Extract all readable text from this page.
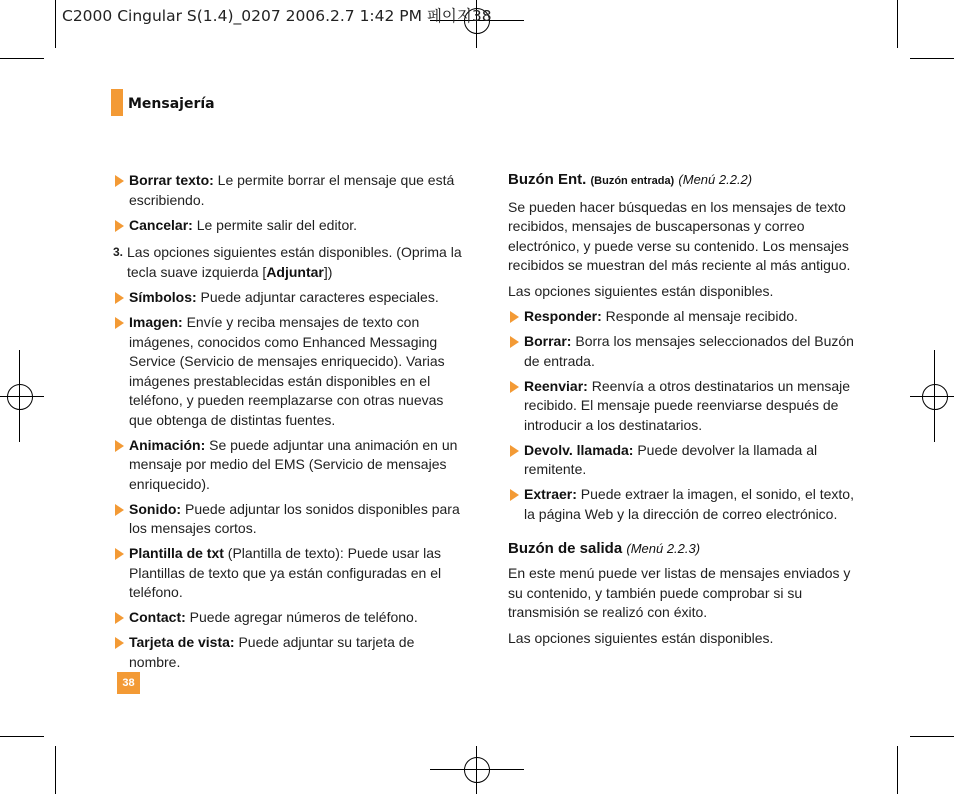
C2000 Cingular S(1.4)_0207 2006.2.7 1:42 PM 페이지38
Mensajería
Borrar texto: Le permite borrar el mensaje que está escribiendo.
Cancelar: Le permite salir del editor.
3. Las opciones siguientes están disponibles. (Oprima la tecla suave izquierda [Adjuntar])
Símbolos: Puede adjuntar caracteres especiales.
Imagen: Envíe y reciba mensajes de texto con imágenes, conocidos como Enhanced Messaging Service (Servicio de mensajes enriquecido). Varias imágenes prestablecidas están disponibles en el teléfono, y pueden reemplazarse con otras nuevas que obtenga de distintas fuentes.
Animación: Se puede adjuntar una animación en un mensaje por medio del EMS (Servicio de mensajes enriquecido).
Sonido: Puede adjuntar los sonidos disponibles para los mensajes cortos.
Plantilla de txt (Plantilla de texto): Puede usar las Plantillas de texto que ya están configuradas en el teléfono.
Contact: Puede agregar números de teléfono.
Tarjeta de vista: Puede adjuntar su tarjeta de nombre.
Buzón Ent. (Buzón entrada) (Menú 2.2.2)
Se pueden hacer búsquedas en los mensajes de texto recibidos, mensajes de buscapersonas y correo electrónico, y puede verse su contenido. Los mensajes recibidos se muestran del más reciente al más antiguo.
Las opciones siguientes están disponibles.
Responder: Responde al mensaje recibido.
Borrar: Borra los mensajes seleccionados del Buzón de entrada.
Reenviar: Reenvía a otros destinatarios un mensaje recibido. El mensaje puede reenviarse después de introducir a los destinatarios.
Devolv. llamada: Puede devolver la llamada al remitente.
Extraer: Puede extraer la imagen, el sonido, el texto, la página Web y la dirección de correo electrónico.
Buzón de salida (Menú 2.2.3)
En este menú puede ver listas de mensajes enviados y su contenido, y también puede comprobar si su transmisión se realizó con éxito.
Las opciones siguientes están disponibles.
38
